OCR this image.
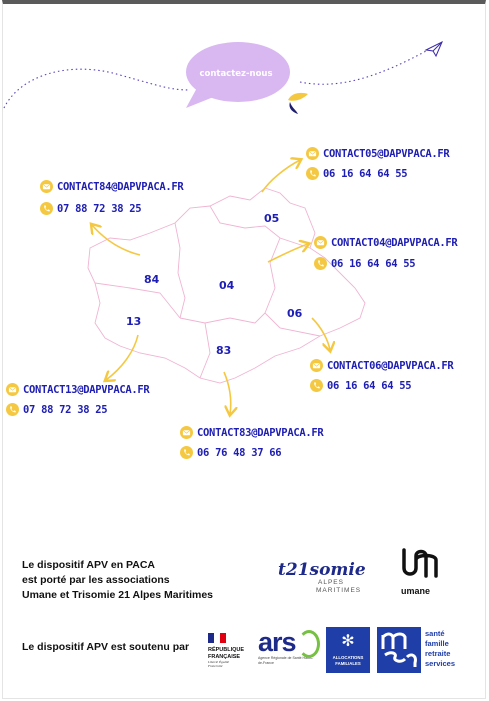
contactez-nous
84	04
05
06
13
83
CONTACT84@DAPVPACA.FR
07 88 72 38 25
CONTACT05@DAPVPACA.FR
06 16 64 64 55
CONTACT04@DAPVPACA.FR
06 16 64 64 55
CONTACT06@DAPVPACA.FR
06 16 64 64 55
CONTACT13@DAPVPACA.FR
07 88 72 38 25
CONTACT83@DAPVPACA.FR
06 76 48 37 66
Le dispositif APV en PACA
est porté par les associations
Umane et Trisomie 21 Alpes Maritimes
Le dispositif APV est soutenu par
t21somie
ALPES
MARITIMES	umane
RÉPUBLIQUE
FRANÇAISE
Liberté Égalité Fraternité
ars
Agence Régionale de Santé Hauts-de-France
✻
ALLOCATIONS
FAMILIALES
santé
famille
retraite
services
